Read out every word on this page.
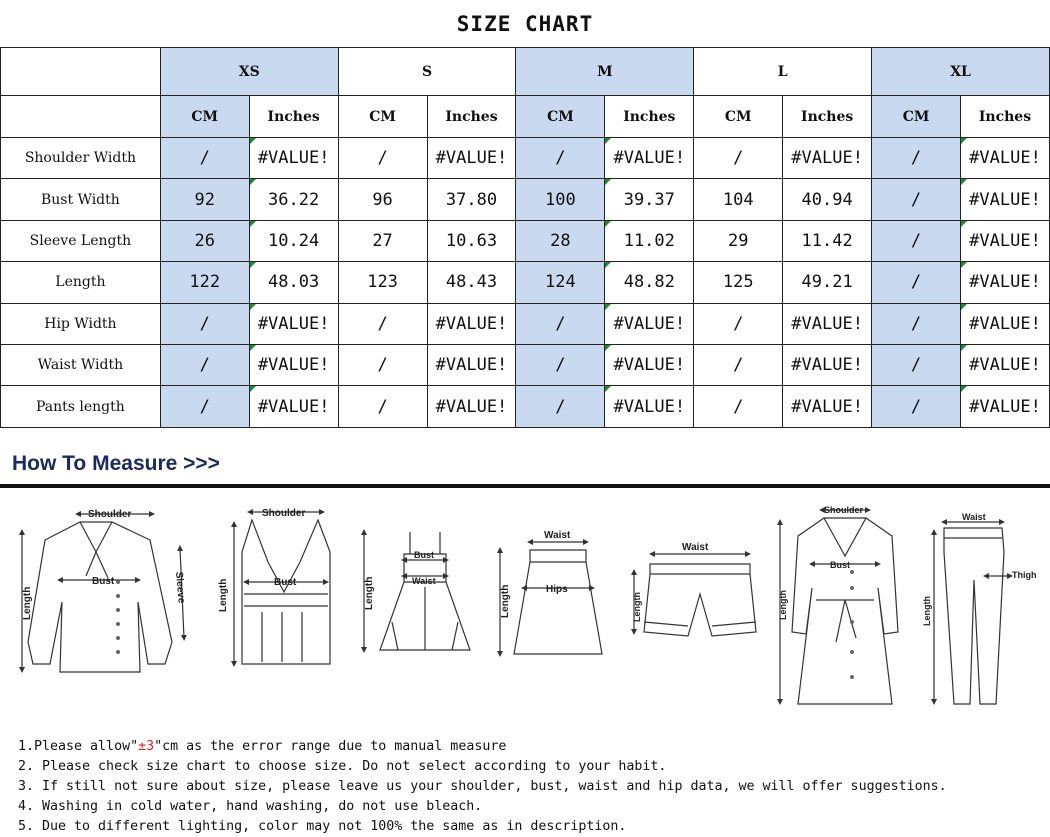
SIZE CHART
	XS		S		M		L		XL	
	CM	Inches	CM	Inches	CM	Inches	CM	Inches	CM	Inches
Shoulder Width	/	#VALUE!	/	#VALUE!	/	#VALUE!	/	#VALUE!	/	#VALUE!
Bust Width	92	36.22	96	37.80	100	39.37	104	40.94	/	#VALUE!
Sleeve Length	26	10.24	27	10.63	28	11.02	29	11.42	/	#VALUE!
Length	122	48.03	123	48.43	124	48.82	125	49.21	/	#VALUE!
Hip Width	/	#VALUE!	/	#VALUE!	/	#VALUE!	/	#VALUE!	/	#VALUE!
Waist Width	/	#VALUE!	/	#VALUE!	/	#VALUE!	/	#VALUE!	/	#VALUE!
Pants length	/	#VALUE!	/	#VALUE!	/	#VALUE!	/	#VALUE!	/	#VALUE!
How To Measure >>>
Shoulder
Bust
Length	Sleeve
Shoulder
Bust
Length
Bust
Waist
Length
Waist
Hips
Length
Waist
Length
Shoulder
Bust
Length
Waist
Thigh
Length
1.Please allow"±3"cm as the error range due to manual measure
2. Please check size chart to choose size. Do not select according to your habit.
3. If still not sure about size, please leave us your shoulder, bust, waist and hip data, we will offer suggestions.
4. Washing in cold water, hand washing, do not use bleach.
5. Due to different lighting, color may not 100% the same as in description.
